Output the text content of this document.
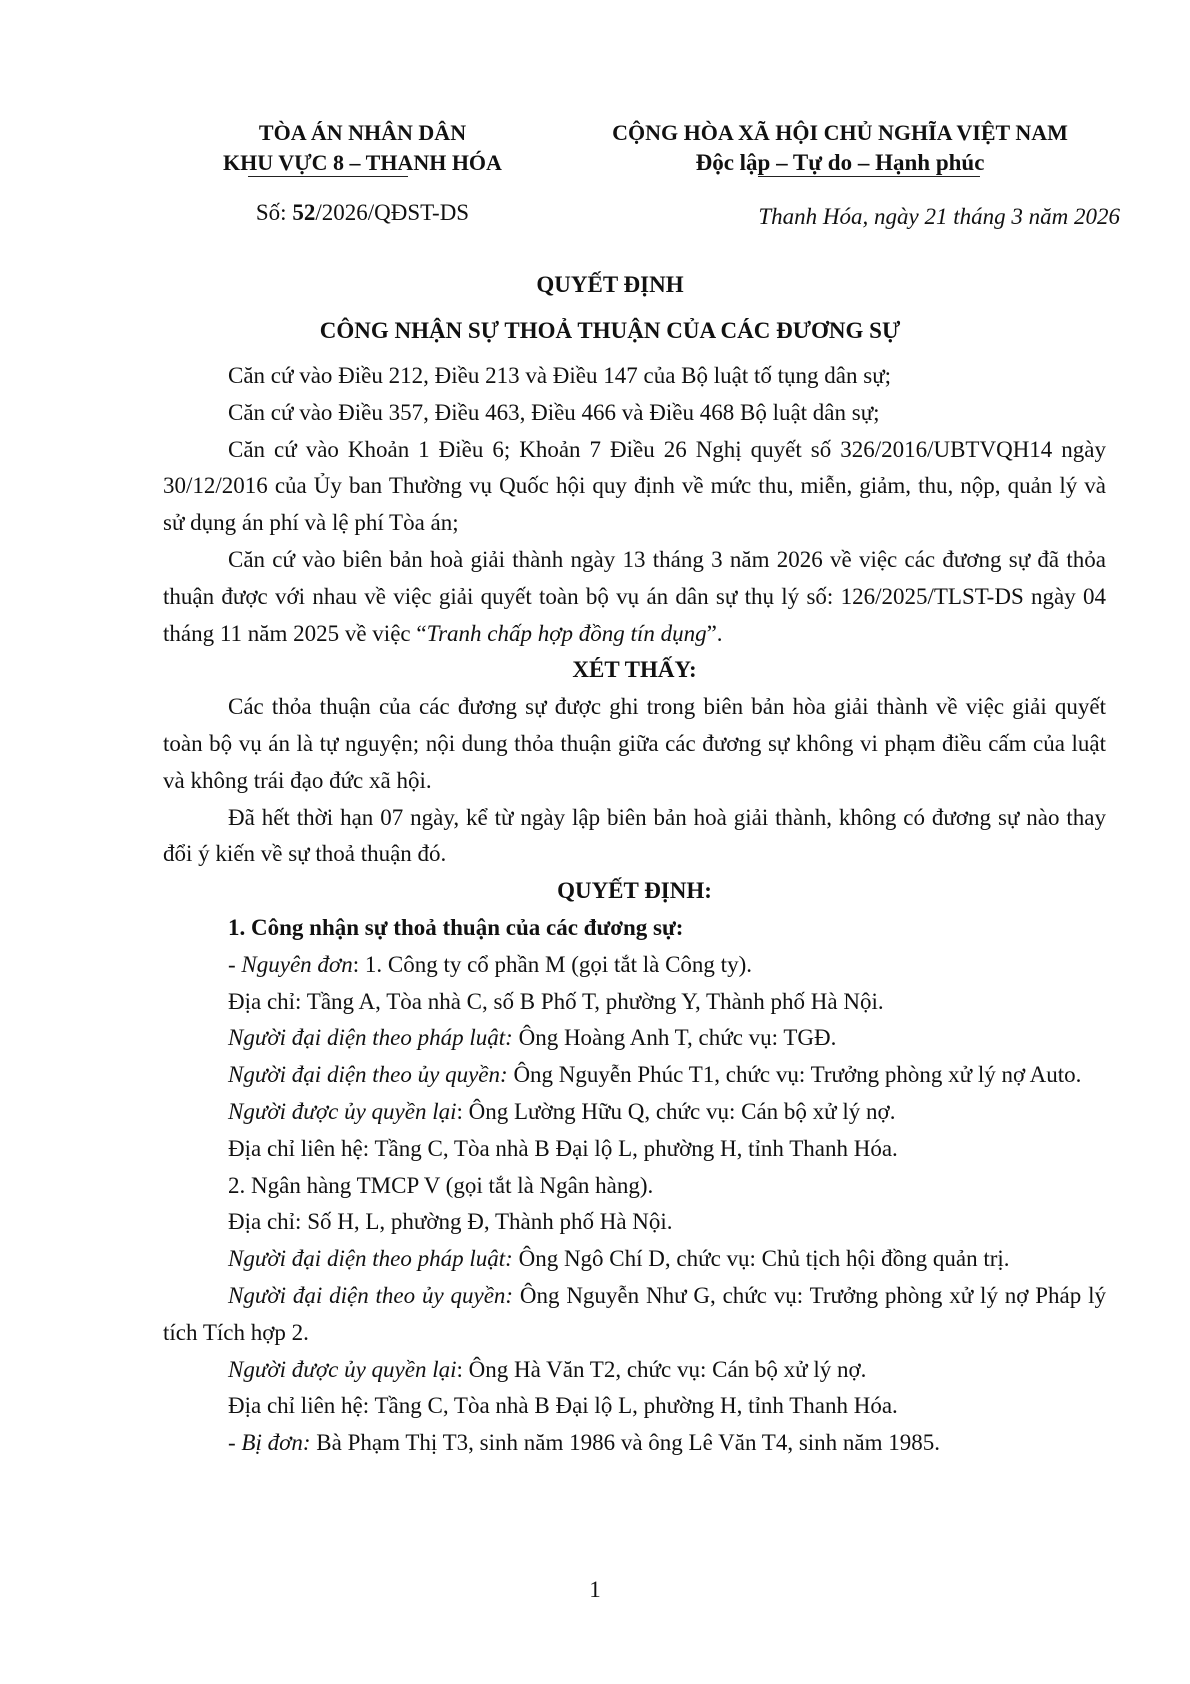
TÒA ÁN NHÂN DÂN
KHU VỰC 8 – THANH HÓA
CỘNG HÒA XÃ HỘI CHỦ NGHĨA VIỆT NAM
Độc lập – Tự do – Hạnh phúc
Số: 52/2026/QĐST-DS	Thanh Hóa, ngày 21 tháng 3 năm 2026
QUYẾT ĐỊNH
CÔNG NHẬN SỰ THOẢ THUẬN CỦA CÁC ĐƯƠNG SỰ

Căn cứ vào Điều 212, Điều 213 và Điều 147 của Bộ luật tố tụng dân sự;

Căn cứ vào Điều 357, Điều 463, Điều 466 và Điều 468 Bộ luật dân sự;

Căn cứ vào Khoản 1 Điều 6; Khoản 7 Điều 26 Nghị quyết số 326/2016/UBTVQH14 ngày 30/12/2016 của Ủy ban Thường vụ Quốc hội quy định về mức thu, miễn, giảm, thu, nộp, quản lý và sử dụng án phí và lệ phí Tòa án;

Căn cứ vào biên bản hoà giải thành ngày 13 tháng 3 năm 2026 về việc các đương sự đã thỏa thuận được với nhau về việc giải quyết toàn bộ vụ án dân sự thụ lý số: 126/2025/TLST-DS ngày 04 tháng 11 năm 2025 về việc “Tranh chấp hợp đồng tín dụng”.

XÉT THẤY:

Các thỏa thuận của các đương sự được ghi trong biên bản hòa giải thành về việc giải quyết toàn bộ vụ án là tự nguyện; nội dung thỏa thuận giữa các đương sự không vi phạm điều cấm của luật và không trái đạo đức xã hội.

Đã hết thời hạn 07 ngày, kể từ ngày lập biên bản hoà giải thành, không có đương sự nào thay đổi ý kiến về sự thoả thuận đó.

QUYẾT ĐỊNH:

1. Công nhận sự thoả thuận của các đương sự:

- Nguyên đơn: 1. Công ty cổ phần M (gọi tắt là Công ty).

Địa chỉ: Tầng A, Tòa nhà C, số B Phố T, phường Y, Thành phố Hà Nội.

Người đại diện theo pháp luật: Ông Hoàng Anh T, chức vụ: TGĐ.

Người đại diện theo ủy quyền: Ông Nguyễn Phúc T1, chức vụ: Trưởng phòng xử lý nợ Auto.

Người được ủy quyền lại: Ông Lường Hữu Q, chức vụ: Cán bộ xử lý nợ.

Địa chỉ liên hệ: Tầng C, Tòa nhà B Đại lộ L, phường H, tỉnh Thanh Hóa.

2. Ngân hàng TMCP V (gọi tắt là Ngân hàng).

Địa chỉ: Số H, L, phường Đ, Thành phố Hà Nội.

Người đại diện theo pháp luật: Ông Ngô Chí D, chức vụ: Chủ tịch hội đồng quản trị.

Người đại diện theo ủy quyền: Ông Nguyễn Như G, chức vụ: Trưởng phòng xử lý nợ Pháp lý tích Tích hợp 2.

Người được ủy quyền lại: Ông Hà Văn T2, chức vụ: Cán bộ xử lý nợ.

Địa chỉ liên hệ: Tầng C, Tòa nhà B Đại lộ L, phường H, tỉnh Thanh Hóa.

- Bị đơn: Bà Phạm Thị T3, sinh năm 1986 và ông Lê Văn T4, sinh năm 1985.

1
